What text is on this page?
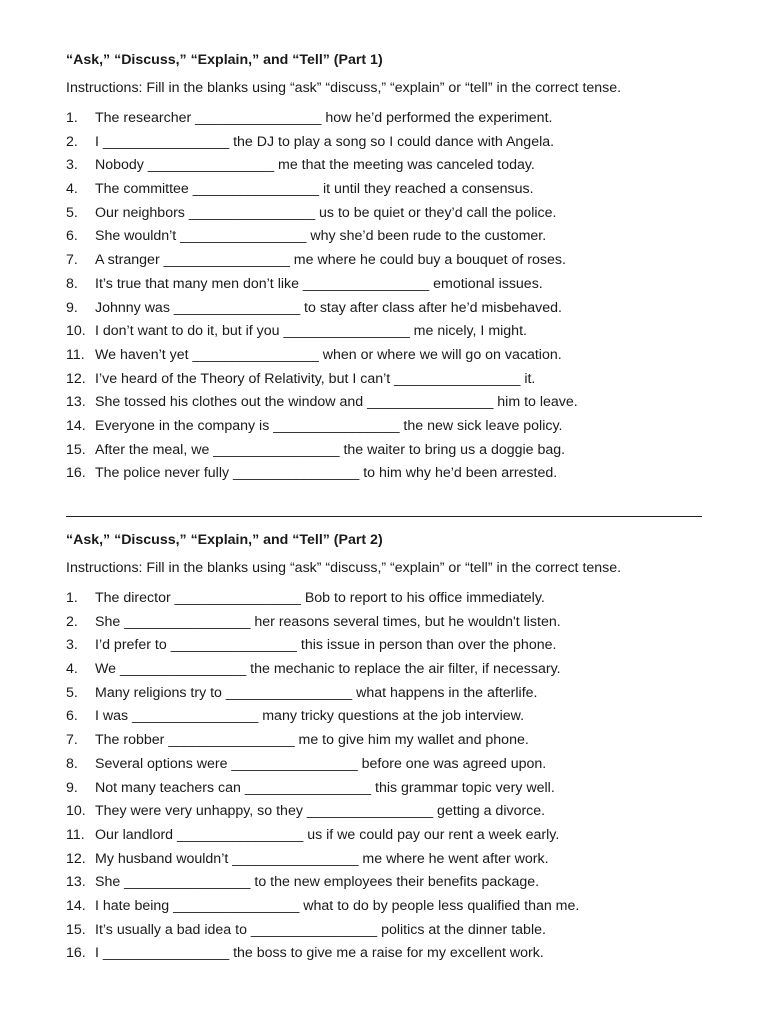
“Ask,” “Discuss,” “Explain,” and “Tell” (Part 1)
Instructions: Fill in the blanks using “ask” “discuss,” “explain” or “tell” in the correct tense.
1.	The researcher ________________ how he’d performed the experiment.
2.	I ________________ the DJ to play a song so I could dance with Angela.
3.	Nobody ________________ me that the meeting was canceled today.
4.	The committee ________________ it until they reached a consensus.
5.	Our neighbors ________________ us to be quiet or they’d call the police.
6.	She wouldn’t ________________ why she’d been rude to the customer.
7.	A stranger ________________ me where he could buy a bouquet of roses.
8.	It’s true that many men don’t like ________________ emotional issues.
9.	Johnny was ________________ to stay after class after he’d misbehaved.
10. I don’t want to do it, but if you ________________ me nicely, I might.
11. We haven’t yet ________________ when or where we will go on vacation.
12. I’ve heard of the Theory of Relativity, but I can’t ________________ it.
13. She tossed his clothes out the window and ________________ him to leave.
14. Everyone in the company is ________________ the new sick leave policy.
15. After the meal, we ________________ the waiter to bring us a doggie bag.
16. The police never fully ________________ to him why he’d been arrested.
“Ask,” “Discuss,” “Explain,” and “Tell” (Part 2)
Instructions: Fill in the blanks using “ask” “discuss,” “explain” or “tell” in the correct tense.
1.	The director ________________ Bob to report to his office immediately.
2.	She ________________ her reasons several times, but he wouldn't listen.
3.	I’d prefer to ________________ this issue in person than over the phone.
4.	We ________________ the mechanic to replace the air filter, if necessary.
5.	Many religions try to ________________ what happens in the afterlife.
6.	I was ________________ many tricky questions at the job interview.
7.	The robber ________________ me to give him my wallet and phone.
8.	Several options were ________________ before one was agreed upon.
9.	Not many teachers can ________________ this grammar topic very well.
10. They were very unhappy, so they ________________ getting a divorce.
11. Our landlord ________________ us if we could pay our rent a week early.
12. My husband wouldn’t ________________ me where he went after work.
13. She ________________ to the new employees their benefits package.
14. I hate being ________________ what to do by people less qualified than me.
15. It’s usually a bad idea to ________________ politics at the dinner table.
16. I ________________ the boss to give me a raise for my excellent work.
